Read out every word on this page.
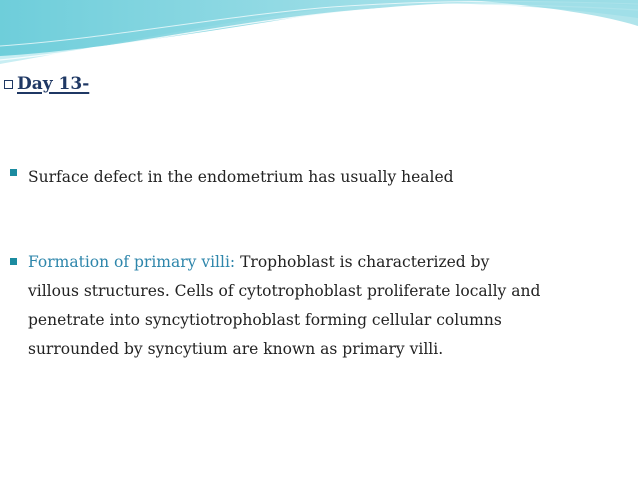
Day 13-
Surface defect in the endometrium has usually healed
Formation of primary villi: Trophoblast is characterized by
villous structures. Cells of cytotrophoblast proliferate locally and
penetrate into syncytiotrophoblast forming cellular columns
surrounded by syncytium are known as primary villi.
